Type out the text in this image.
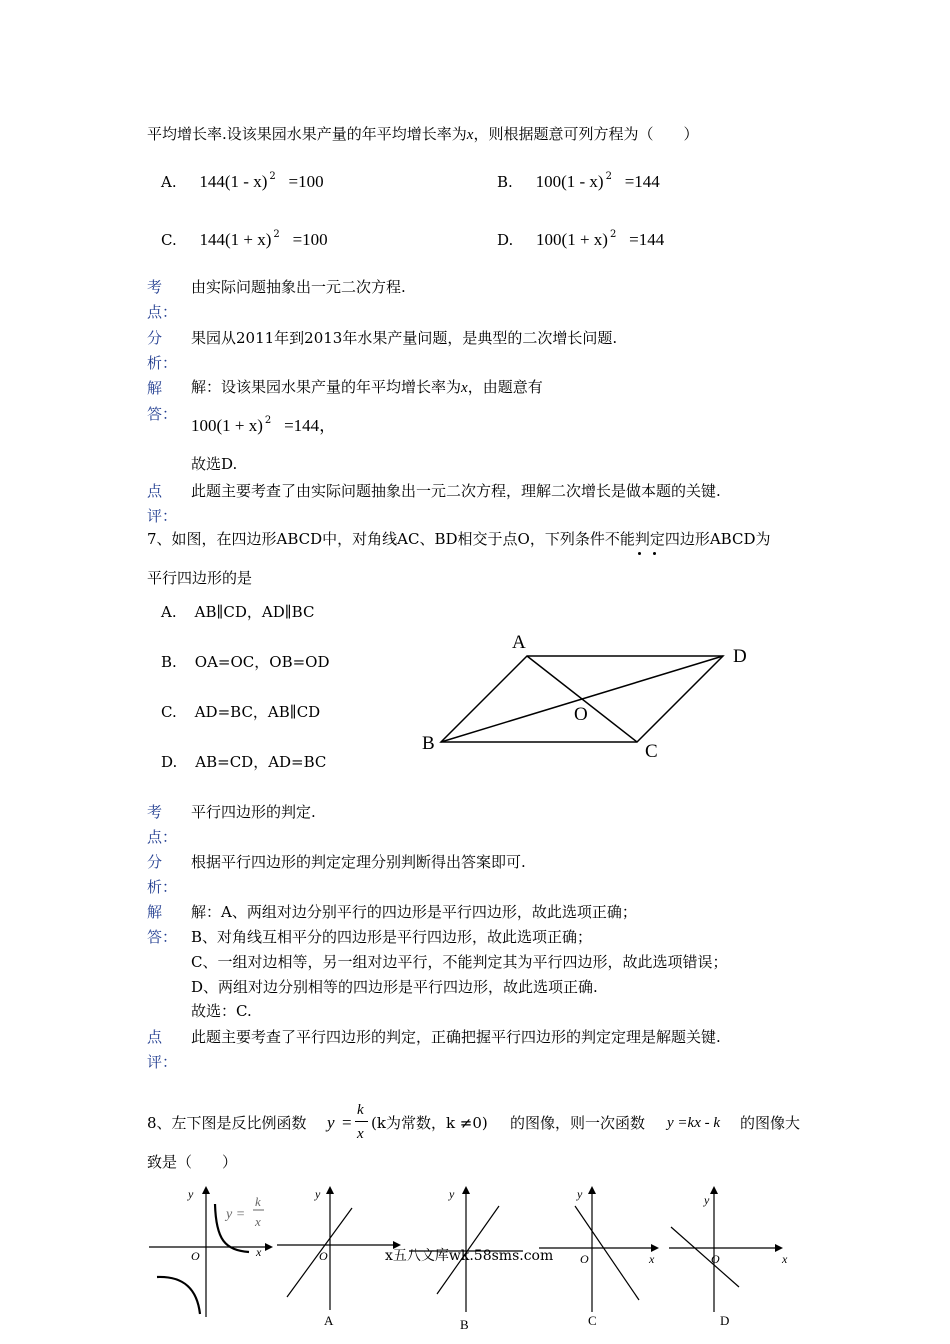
平均增长率.设该果园水果产量的年平均增长率为x，则根据题意可列方程为（　　）
A. 144(1 - x) $^2$ =100	B. 100(1 - x) $^2$ =144
C. 144(1 + x) $^2$ =100	D. 100(1 + x) $^2$ =144
考
点：
由实际问题抽象出一元二次方程.
分
析：
果园从2011年到2013年水果产量问题，是典型的二次增长问题.
解
答：
解：设该果园水果产量的年平均增长率为x，由题意有
100(1 + x) $^2$ =144，
故选D.
点
评：
此题主要考查了由实际问题抽象出一元二次方程，理解二次增长是做本题的关键.
7、如图，在四边形ABCD中，对角线AC、BD相交于点O，下列条件不能判定四边形ABCD为
平行四边形的是
A. AB∥CD，AD∥BC
B. OA=OC，OB=OD
C. AD=BC，AB∥CD
D. AB=CD，AD=BC
A
B	C
D
O
考
点：
平行四边形的判定.
分
析：
根据平行四边形的判定定理分别判断得出答案即可.
解
答：
解：A、两组对边分别平行的四边形是平行四边形，故此选项正确；
B、对角线互相平分的四边形是平行四边形，故此选项正确；
C、一组对边相等，另一组对边平行，不能判定其为平行四边形，故此选项错误；
D、两组对边分别相等的四边形是平行四边形，故此选项正确.
故选：C.
点
评：
此题主要考查了平行四边形的判定，正确把握平行四边形的判定定理是解题关键.
8、左下图是反比例函数 y =
k
x
(k为常数，k ≠0) 的图像，则一次函数 y =kx - k 的图像大
致是（　　）
x
y
O
y =
k
x
y
O
A
y
B
x
y
O
C
x
y
O
D
x五八文库wk.58sms.com
